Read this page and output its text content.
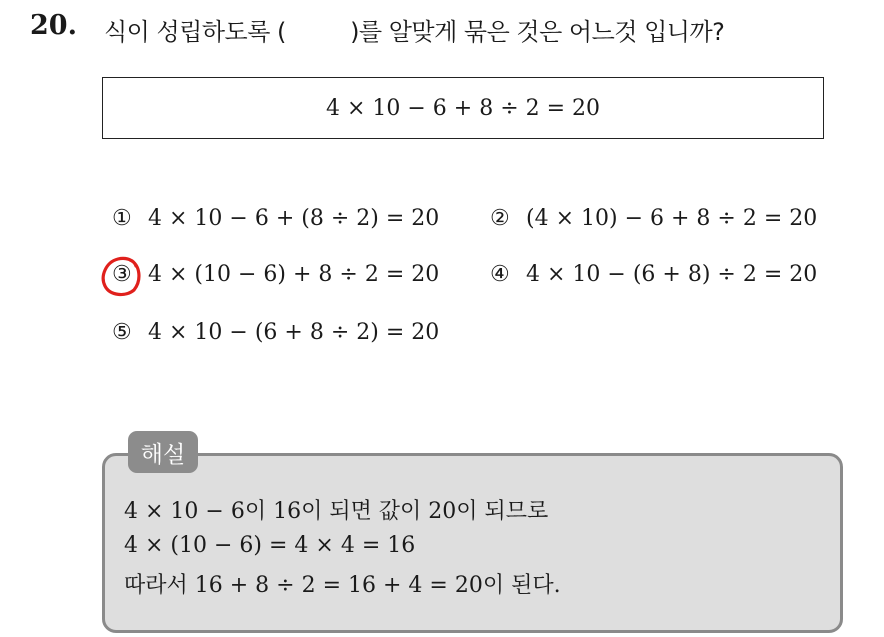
20. 식이 성립하도록 (         )를 알맞게 묶은 것은 어느것 입니까?
4 × 10 − 6 + 8 ÷ 2 = 20
① 4 × 10 − 6 + (8 ÷ 2) = 20 ② (4 × 10) − 6 + 8 ÷ 2 = 20
③ 4 × (10 − 6) + 8 ÷ 2 = 20 ④ 4 × 10 − (6 + 8) ÷ 2 = 20
⑤ 4 × 10 − (6 + 8 ÷ 2) = 20
해설
4 × 10 − 6이 16이 되면 값이 20이 되므로
4 × (10 − 6) = 4 × 4 = 16
따라서 16 + 8 ÷ 2 = 16 + 4 = 20이 된다.
